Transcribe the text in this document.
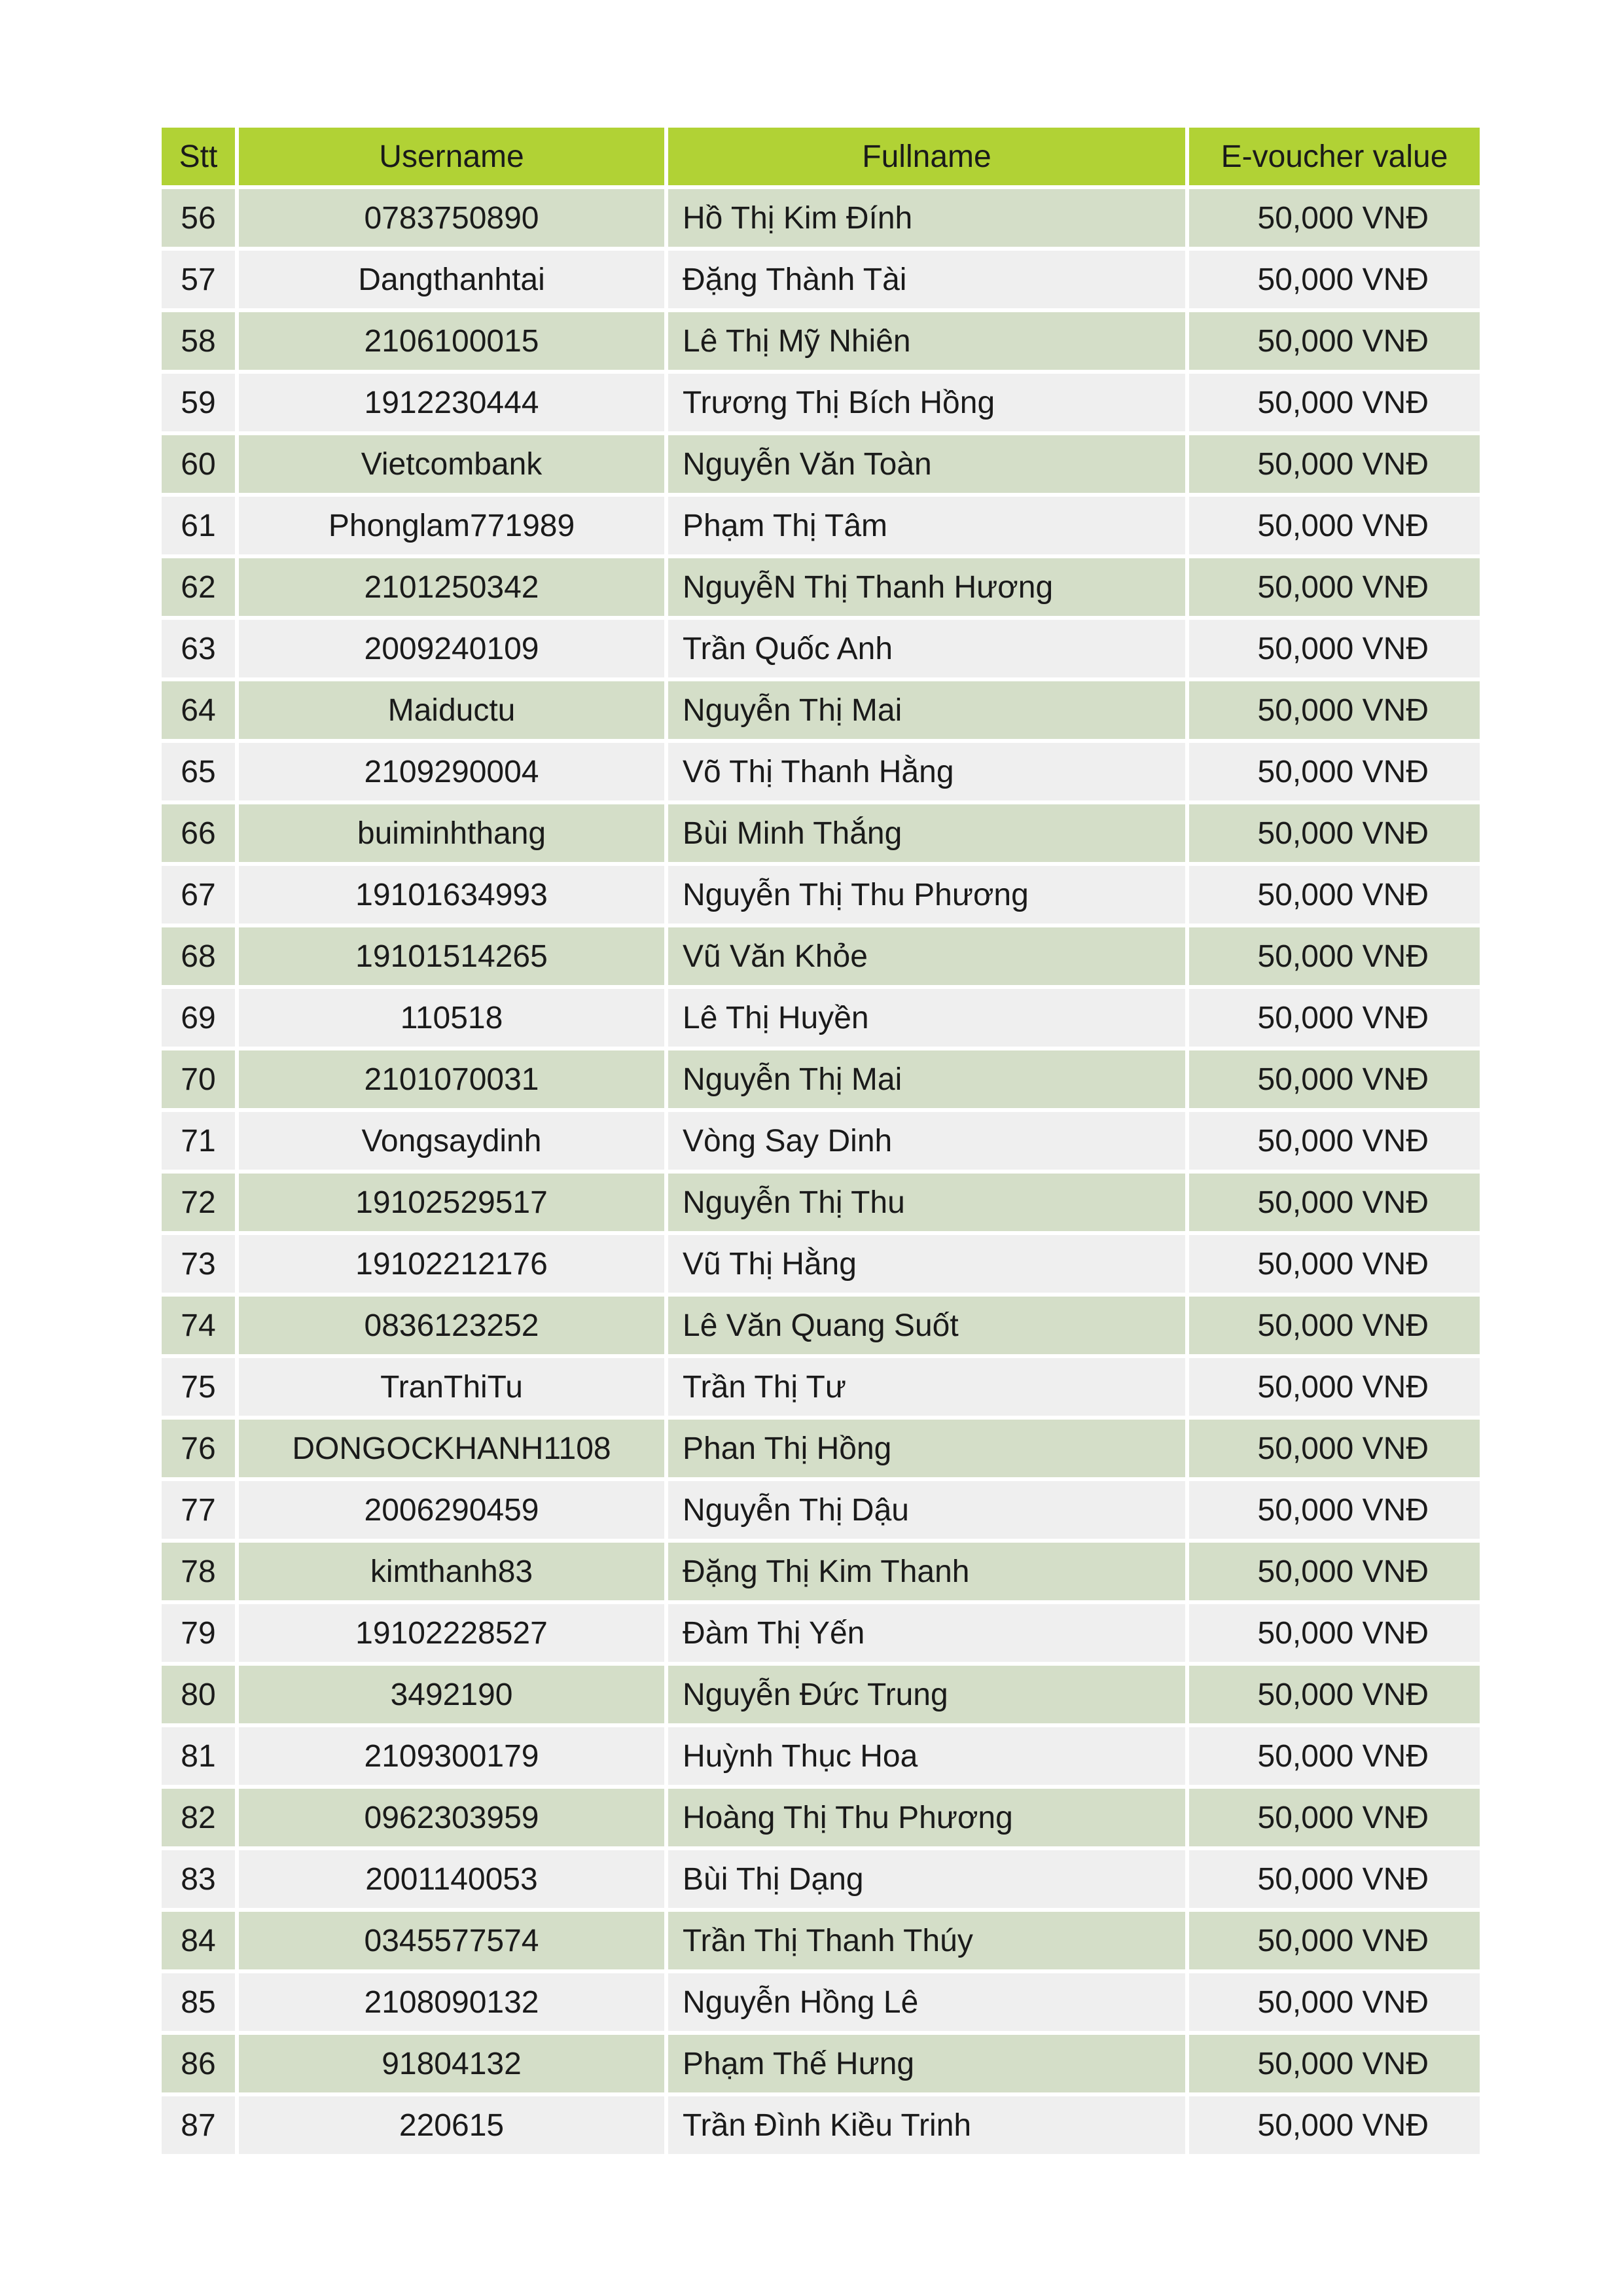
Stt	Username	Fullname	E-voucher value
56	0783750890	Hồ Thị Kim Đính	50,000 VNĐ
57	Dangthanhtai	Đặng Thành Tài	50,000 VNĐ
58	2106100015	Lê Thị Mỹ Nhiên	50,000 VNĐ
59	1912230444	Trương Thị Bích Hồng	50,000 VNĐ
60	Vietcombank	Nguyễn Văn Toàn	50,000 VNĐ
61	Phonglam771989	Phạm Thị Tâm	50,000 VNĐ
62	2101250342	NguyễN Thị Thanh Hương	50,000 VNĐ
63	2009240109	Trần Quốc Anh	50,000 VNĐ
64	Maiductu	Nguyễn Thị Mai	50,000 VNĐ
65	2109290004	Võ Thị Thanh Hằng	50,000 VNĐ
66	buiminhthang	Bùi Minh Thắng	50,000 VNĐ
67	19101634993	Nguyễn Thị Thu Phương	50,000 VNĐ
68	19101514265	Vũ Văn Khỏe	50,000 VNĐ
69	110518	Lê Thị Huyền	50,000 VNĐ
70	2101070031	Nguyễn Thị Mai	50,000 VNĐ
71	Vongsaydinh	Vòng Say Dinh	50,000 VNĐ
72	19102529517	Nguyễn Thị Thu	50,000 VNĐ
73	19102212176	Vũ Thị Hằng	50,000 VNĐ
74	0836123252	Lê Văn Quang Suốt	50,000 VNĐ
75	TranThiTu	Trần Thị Tư	50,000 VNĐ
76	DONGOCKHANH1108	Phan Thị Hồng	50,000 VNĐ
77	2006290459	Nguyễn Thị Dậu	50,000 VNĐ
78	kimthanh83	Đặng Thị Kim Thanh	50,000 VNĐ
79	19102228527	Đàm Thị Yến	50,000 VNĐ
80	3492190	Nguyễn Đức Trung	50,000 VNĐ
81	2109300179	Huỳnh Thục Hoa	50,000 VNĐ
82	0962303959	Hoàng Thị Thu Phương	50,000 VNĐ
83	2001140053	Bùi Thị Dạng	50,000 VNĐ
84	0345577574	Trần Thị Thanh Thúy	50,000 VNĐ
85	2108090132	Nguyễn Hồng Lê	50,000 VNĐ
86	91804132	Phạm Thế Hưng	50,000 VNĐ
87	220615	Trần Đình Kiều Trinh	50,000 VNĐ
